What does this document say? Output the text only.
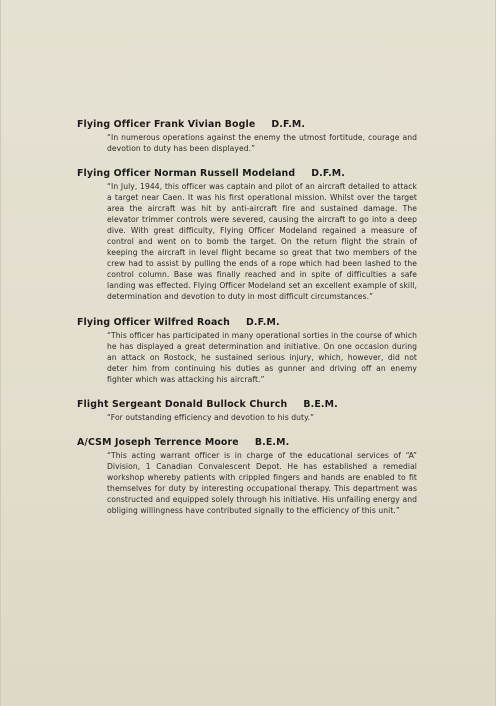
Flying Officer Frank Vivian Bogle D.F.M.
“In numerous operations against the enemy the utmost fortitude, courage and devotion to duty has been displayed.”
Flying Officer Norman Russell Modeland D.F.M.
“In July, 1944, this officer was captain and pilot of an aircraft detailed to attack a target near Caen. It was his first operational mission. Whilst over the target area the aircraft was hit by anti-aircraft fire and sustained damage. The elevator trimmer controls were severed, causing the aircraft to go into a deep dive. With great difficulty, Flying Officer Modeland regained a measure of control and went on to bomb the target. On the return flight the strain of keeping the aircraft in level flight became so great that two members of the crew had to assist by pulling the ends of a rope which had been lashed to the control column. Base was finally reached and in spite of difficulties a safe landing was effected. Flying Officer Modeland set an excellent example of skill, determination and devotion to duty in most difficult circumstances.”
Flying Officer Wilfred Roach D.F.M.
“This officer has participated in many operational sorties in the course of which he has displayed a great determination and initiative. On one occasion during an attack on Rostock, he sustained serious injury, which, however, did not deter him from continuing his duties as gunner and driving off an enemy fighter which was attacking his aircraft.”
Flight Sergeant Donald Bullock Church B.E.M.
“For outstanding efficiency and devotion to his duty.”
A/CSM Joseph Terrence Moore B.E.M.
“This acting warrant officer is in charge of the educational services of “A” Division, 1 Canadian Convalescent Depot. He has established a remedial workshop whereby patients with crippled fingers and hands are enabled to fit themselves for duty by interesting occupational therapy. This department was constructed and equipped solely through his initiative. His unfailing energy and obliging willingness have contributed signally to the efficiency of this unit.”
